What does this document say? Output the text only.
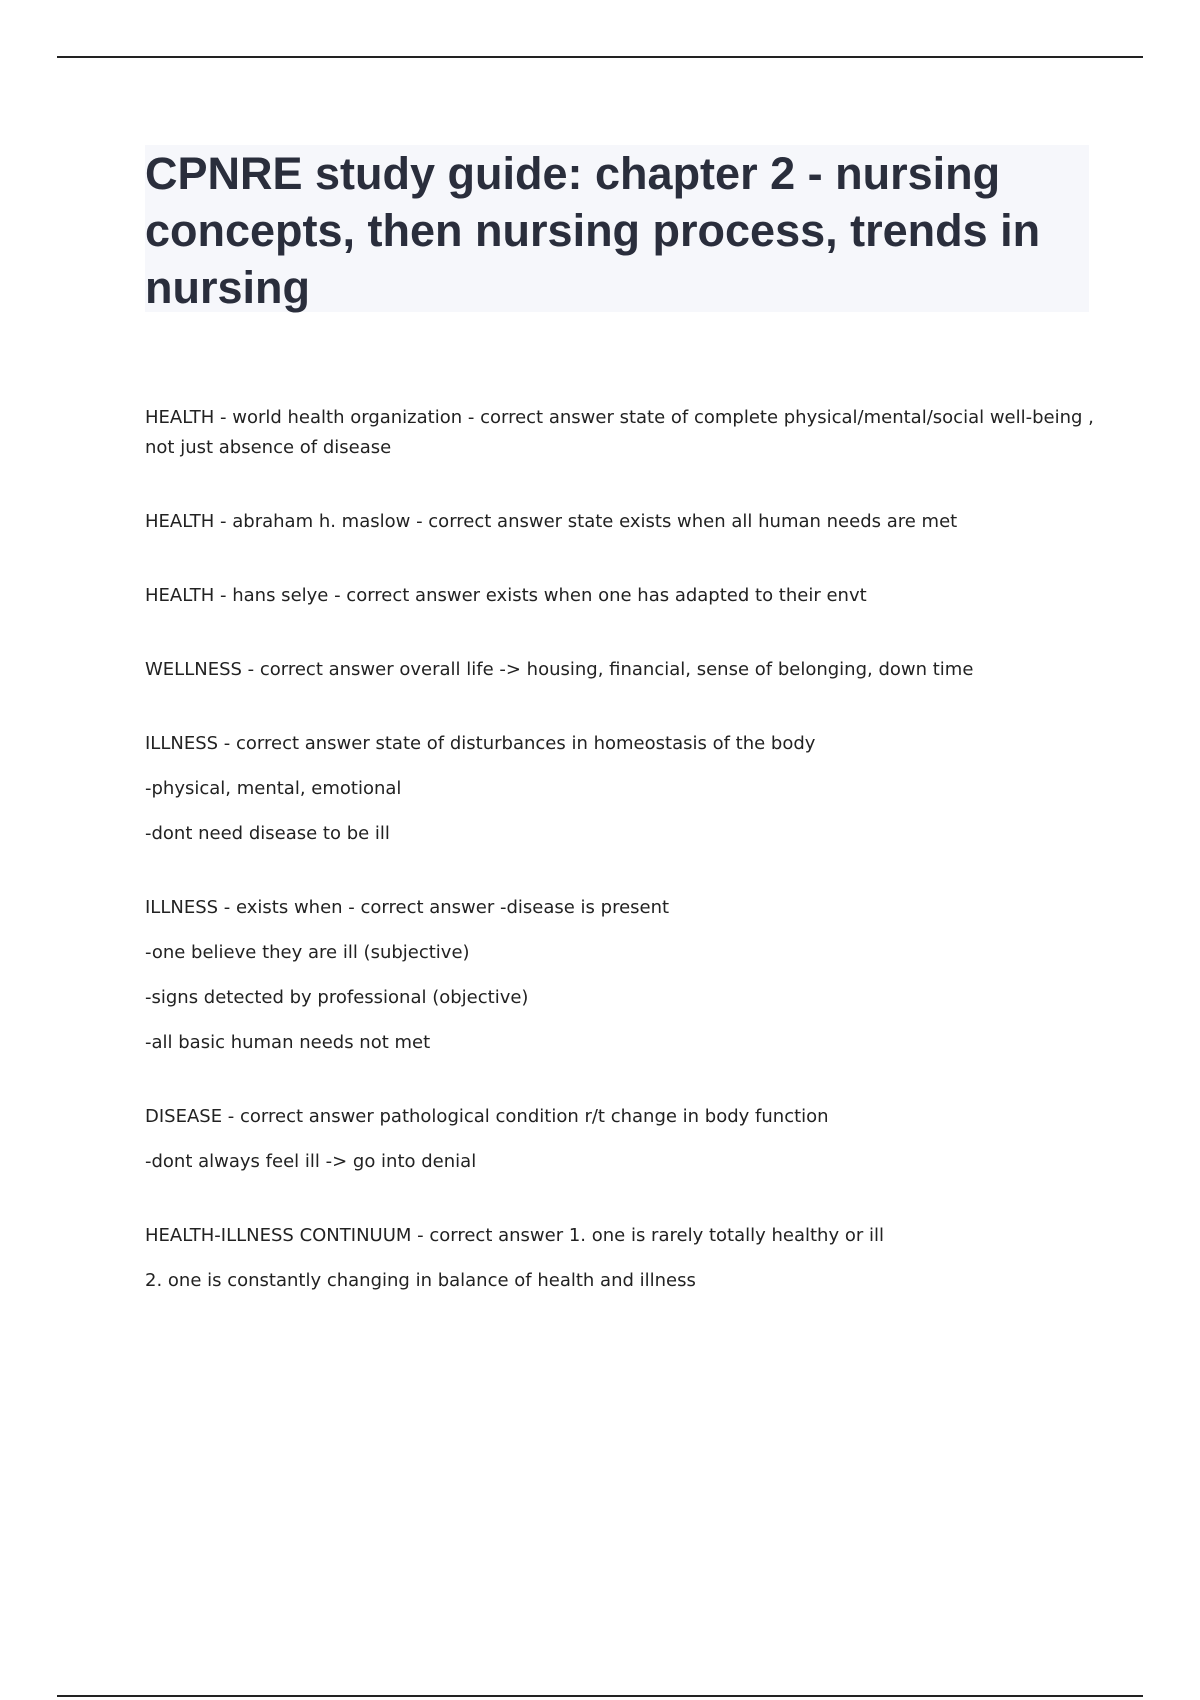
CPNRE study guide: chapter 2 - nursing concepts, then nursing process, trends in nursing
HEALTH - world health organization - correct answer state of complete physical/mental/social well-being , not just absence of disease
HEALTH - abraham h. maslow - correct answer state exists when all human needs are met
HEALTH - hans selye - correct answer exists when one has adapted to their envt
WELLNESS - correct answer overall life -> housing, financial, sense of belonging, down time
ILLNESS - correct answer state of disturbances in homeostasis of the body
-physical, mental, emotional
-dont need disease to be ill
ILLNESS - exists when - correct answer -disease is present
-one believe they are ill (subjective)
-signs detected by professional (objective)
-all basic human needs not met
DISEASE - correct answer pathological condition r/t change in body function
-dont always feel ill -> go into denial
HEALTH-ILLNESS CONTINUUM - correct answer 1. one is rarely totally healthy or ill
2. one is constantly changing in balance of health and illness
